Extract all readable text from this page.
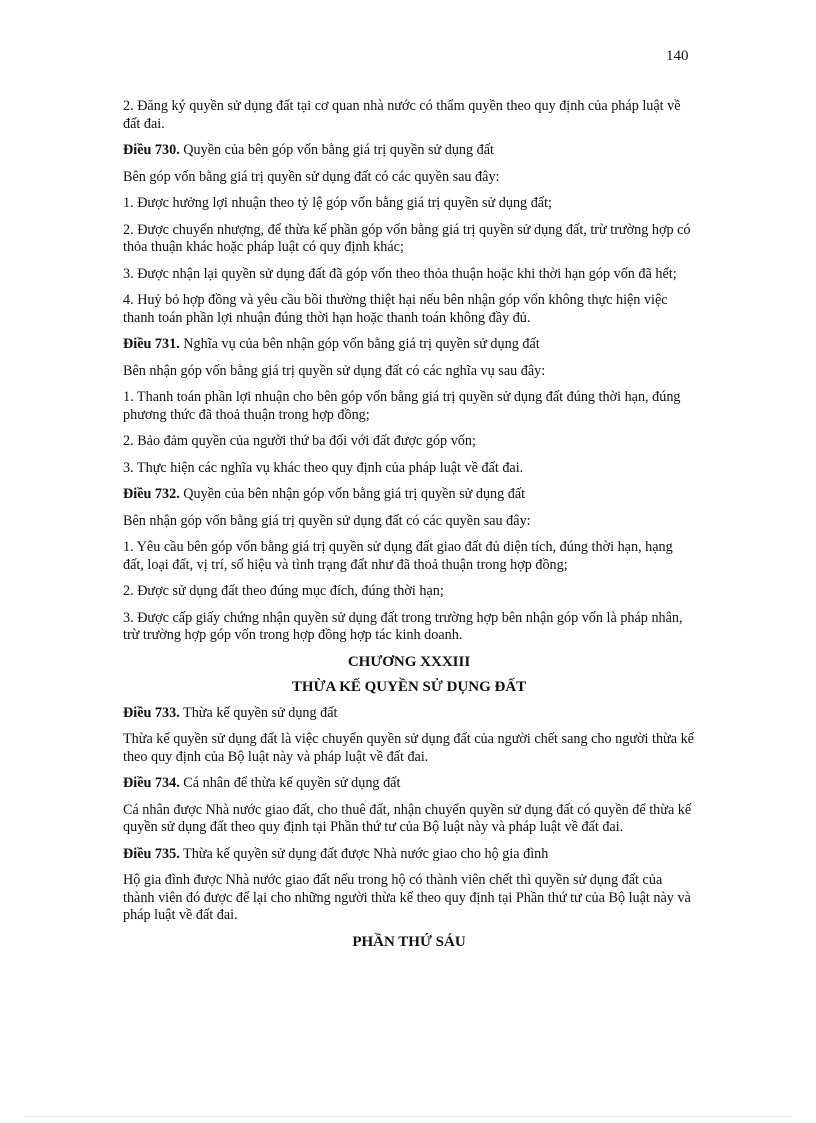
140

2. Đăng ký quyền sử dụng đất tại cơ quan nhà nước có thẩm quyền theo quy định của pháp luật về đất đai.

Điều 730. Quyền của bên góp vốn bằng giá trị quyền sử dụng đất

Bên góp vốn bằng giá trị quyền sử dụng đất có các quyền sau đây:

1. Được hưởng lợi nhuận theo tỷ lệ góp vốn bằng giá trị quyền sử dụng đất;

2. Được chuyển nhượng, để thừa kế phần góp vốn bằng giá trị quyền sử dụng đất, trừ trường hợp có thỏa thuận khác hoặc pháp luật có quy định khác;

3. Được nhận lại quyền sử dụng đất đã góp vốn theo thỏa thuận hoặc khi thời hạn góp vốn đã hết;

4. Huỷ bỏ hợp đồng và yêu cầu bồi thường thiệt hại nếu bên nhận góp vốn không thực hiện việc thanh toán phần lợi nhuận đúng thời hạn hoặc thanh toán không đầy đủ.

Điều 731. Nghĩa vụ của bên nhận góp vốn bằng giá trị quyền sử dụng đất

Bên nhận góp vốn bằng giá trị quyền sử dụng đất có các nghĩa vụ sau đây:

1. Thanh toán phần lợi nhuận cho bên góp vốn bằng giá trị quyền sử dụng đất đúng thời hạn, đúng phương thức đã thoả thuận trong hợp đồng;

2. Bảo đảm quyền của người thứ ba đối với đất được góp vốn;

3. Thực hiện các nghĩa vụ khác theo quy định của pháp luật về đất đai.

Điều 732. Quyền của bên nhận góp vốn bằng giá trị quyền sử dụng đất

Bên nhận góp vốn bằng giá trị quyền sử dụng đất có các quyền sau đây:

1. Yêu cầu bên góp vốn bằng giá trị quyền sử dụng đất giao đất đủ diện tích, đúng thời hạn, hạng đất, loại đất, vị trí, số hiệu và tình trạng đất như đã thoả thuận trong hợp đồng;

2. Được sử dụng đất theo đúng mục đích, đúng thời hạn;

3. Được cấp giấy chứng nhận quyền sử dụng đất trong trường hợp bên nhận góp vốn là pháp nhân, trừ trường hợp góp vốn trong hợp đồng hợp tác kinh doanh.

CHƯƠNG XXXIII
THỪA KẾ QUYỀN SỬ DỤNG ĐẤT

Điều 733. Thừa kế quyền sử dụng đất

Thừa kế quyền sử dụng đất là việc chuyển quyền sử dụng đất của người chết sang cho người thừa kế theo quy định của Bộ luật này và pháp luật về đất đai.

Điều 734. Cá nhân để thừa kế quyền sử dụng đất

Cá nhân được Nhà nước giao đất, cho thuê đất, nhận chuyển quyền sử dụng đất có quyền để thừa kế quyền sử dụng đất theo quy định tại Phần thứ tư của Bộ luật này và pháp luật về đất đai.

Điều 735. Thừa kế quyền sử dụng đất được Nhà nước giao cho hộ gia đình

Hộ gia đình được Nhà nước giao đất nếu trong hộ có thành viên chết thì quyền sử dụng đất của thành viên đó được để lại cho những người thừa kế theo quy định tại Phần thứ tư của Bộ luật này và pháp luật về đất đai.

PHẦN THỨ SÁU
